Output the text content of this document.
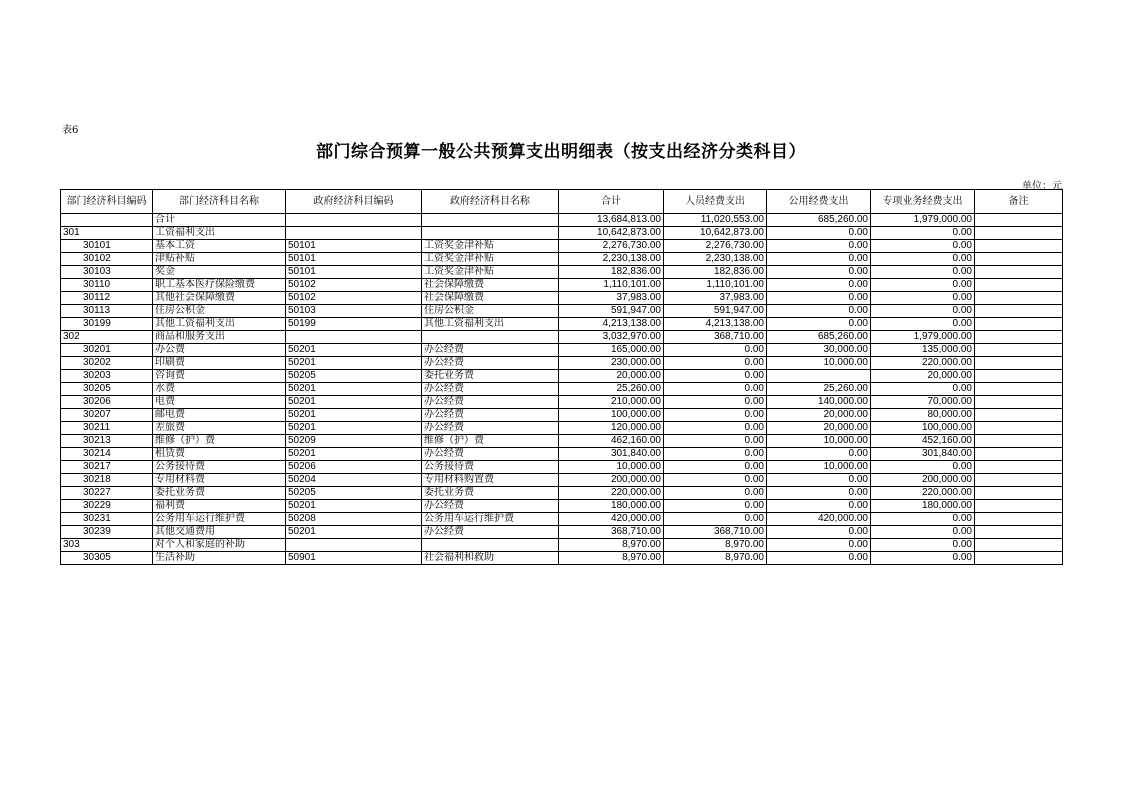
表6
部门综合预算一般公共预算支出明细表（按支出经济分类科目）
单位：元
部门经济科目编码	部门经济科目名称	政府经济科目编码	政府经济科目名称	合计	人员经费支出	公用经费支出	专项业务经费支出	备注
	合计			13,684,813.00	11,020,553.00	685,260.00	1,979,000.00	
301	工资福利支出			10,642,873.00	10,642,873.00	0.00	0.00	
30101	基本工资	50101	工资奖金津补贴	2,276,730.00	2,276,730.00	0.00	0.00	
30102	津贴补贴	50101	工资奖金津补贴	2,230,138.00	2,230,138.00	0.00	0.00	
30103	奖金	50101	工资奖金津补贴	182,836.00	182,836.00	0.00	0.00	
30110	职工基本医疗保险缴费	50102	社会保障缴费	1,110,101.00	1,110,101.00	0.00	0.00	
30112	其他社会保障缴费	50102	社会保障缴费	37,983.00	37,983.00	0.00	0.00	
30113	住房公积金	50103	住房公积金	591,947.00	591,947.00	0.00	0.00	
30199	其他工资福利支出	50199	其他工资福利支出	4,213,138.00	4,213,138.00	0.00	0.00	
302	商品和服务支出			3,032,970.00	368,710.00	685,260.00	1,979,000.00	
30201	办公费	50201	办公经费	165,000.00	0.00	30,000.00	135,000.00	
30202	印刷费	50201	办公经费	230,000.00	0.00	10,000.00	220,000.00	
30203	咨询费	50205	委托业务费	20,000.00	0.00		20,000.00	
30205	水费	50201	办公经费	25,260.00	0.00	25,260.00	0.00	
30206	电费	50201	办公经费	210,000.00	0.00	140,000.00	70,000.00	
30207	邮电费	50201	办公经费	100,000.00	0.00	20,000.00	80,000.00	
30211	差旅费	50201	办公经费	120,000.00	0.00	20,000.00	100,000.00	
30213	维修（护）费	50209	维修（护）费	462,160.00	0.00	10,000.00	452,160.00	
30214	租赁费	50201	办公经费	301,840.00	0.00	0.00	301,840.00	
30217	公务接待费	50206	公务接待费	10,000.00	0.00	10,000.00	0.00	
30218	专用材料费	50204	专用材料购置费	200,000.00	0.00	0.00	200,000.00	
30227	委托业务费	50205	委托业务费	220,000.00	0.00	0.00	220,000.00	
30229	福利费	50201	办公经费	180,000.00	0.00	0.00	180,000.00	
30231	公务用车运行维护费	50208	公务用车运行维护费	420,000.00	0.00	420,000.00	0.00	
30239	其他交通费用	50201	办公经费	368,710.00	368,710.00	0.00	0.00	
303	对个人和家庭的补助			8,970.00	8,970.00	0.00	0.00	
30305	生活补助	50901	社会福利和救助	8,970.00	8,970.00	0.00	0.00	
